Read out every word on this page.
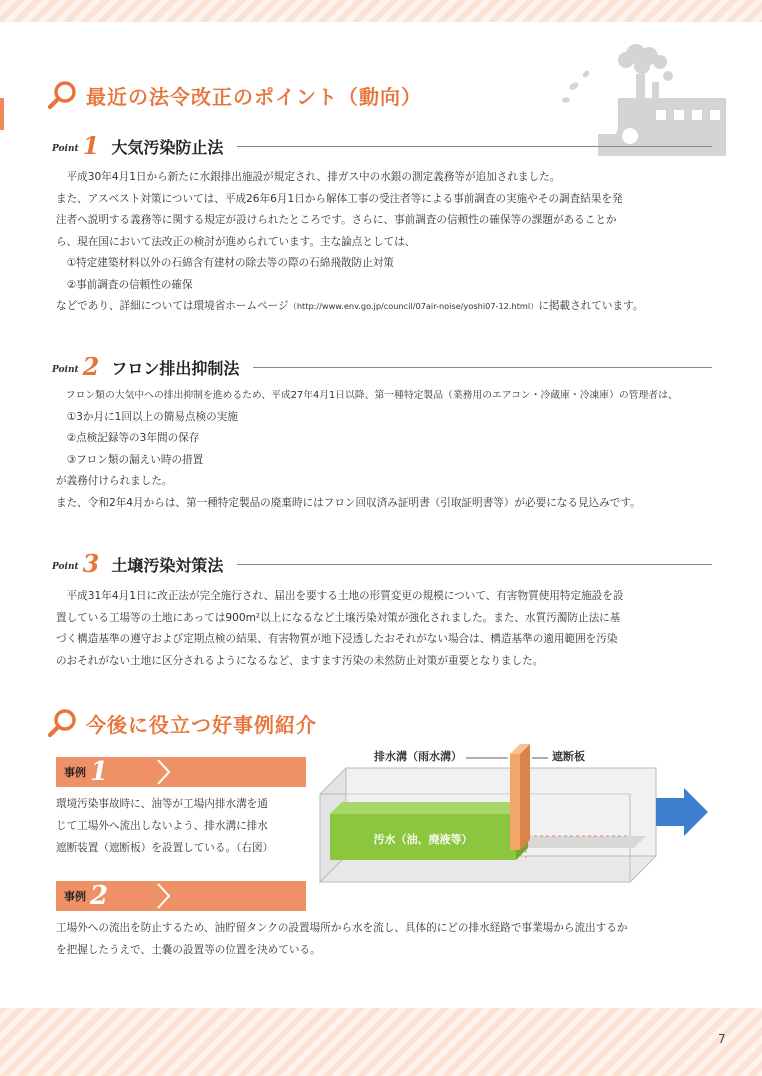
最近の法令改正のポイント（動向）
Point 1 大気汚染防止法

　平成30年4月1日から新たに水銀排出施設が規定され、排ガス中の水銀の測定義務等が追加されました。

また、アスベスト対策については、平成26年6月1日から解体工事の受注者等による事前調査の実施やその調査結果を発

注者へ説明する義務等に関する規定が設けられたところです。さらに、事前調査の信頼性の確保等の課題があることか

ら、現在国において法改正の検討が進められています。主な論点としては、

　①特定建築材料以外の石綿含有建材の除去等の際の石綿飛散防止対策

　②事前調査の信頼性の確保

などであり、詳細については環境省ホームページ（http://www.env.go.jp/council/07air-noise/yoshi07-12.html）に掲載されています。

Point 2 フロン排出抑制法

　フロン類の大気中への排出抑制を進めるため、平成27年4月1日以降、第一種特定製品（業務用のエアコン・冷蔵庫・冷凍庫）の管理者は、

　①3か月に1回以上の簡易点検の実施

　②点検記録等の3年間の保存

　③フロン類の漏えい時の措置

が義務付けられました。

また、令和2年4月からは、第一種特定製品の廃棄時にはフロン回収済み証明書（引取証明書等）が必要になる見込みです。

Point 3 土壌汚染対策法

　平成31年4月1日に改正法が完全施行され、届出を要する土地の形質変更の規模について、有害物質使用特定施設を設

置している工場等の土地にあっては900m²以上になるなど土壌汚染対策が強化されました。また、水質汚濁防止法に基

づく構造基準の遵守および定期点検の結果、有害物質が地下浸透したおそれがない場合は、構造基準の適用範囲を汚染

のおそれがない土地に区分されるようになるなど、ますます汚染の未然防止対策が重要となりました。

今後に役立つ好事例紹介
事例 1

環境汚染事故時に、油等が工場内排水溝を通

じて工場外へ流出しないよう、排水溝に排水

遮断装置（遮断板）を設置している。（右図）

排水溝（雨水溝）	遮断板
汚水（油、廃液等）
事例 2

工場外への流出を防止するため、油貯留タンクの設置場所から水を流し、具体的にどの排水経路で事業場から流出するか

を把握したうえで、土嚢の設置等の位置を決めている。

7
